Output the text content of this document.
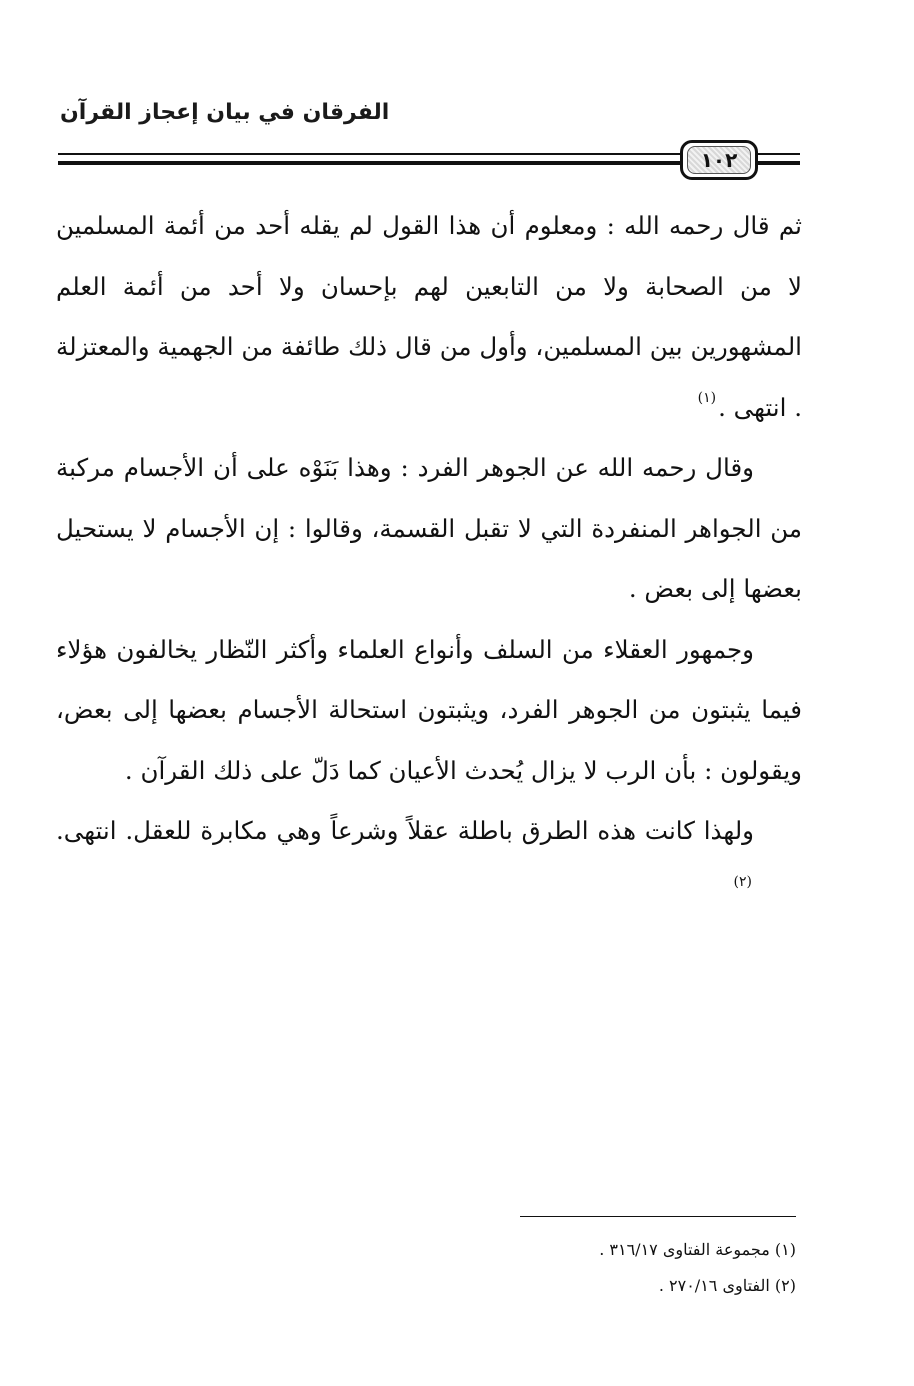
الفرقان في بيان إعجاز القرآن
١٠٢

ثم قال رحمه الله : ومعلوم أن هذا القول لم يقله أحد من أئمة المسلمين لا من الصحابة ولا من التابعين لهم بإحسان ولا أحد من أئمة العلم المشهورين بين المسلمين، وأول من قال ذلك طائفة من الجهمية والمعتزلة . انتهى .(١)

وقال رحمه الله عن الجوهر الفرد : وهذا بَنَوْه على أن الأجسام مركبة من الجواهر المنفردة التي لا تقبل القسمة، وقالوا : إن الأجسام لا يستحيل بعضها إلى بعض .

وجمهور العقلاء من السلف وأنواع العلماء وأكثر النّظار يخالفون هؤلاء فيما يثبتون من الجوهر الفرد، ويثبتون استحالة الأجسام بعضها إلى بعض، ويقولون : بأن الرب لا يزال يُحدث الأعيان كما دَلّ على ذلك القرآن .

ولهذا كانت هذه الطرق باطلة عقلاً وشرعاً وهي مكابرة للعقل. انتهى.(٢)

(١) مجموعة الفتاوى ٣١٦/١٧ .

(٢) الفتاوى ٢٧٠/١٦ .
